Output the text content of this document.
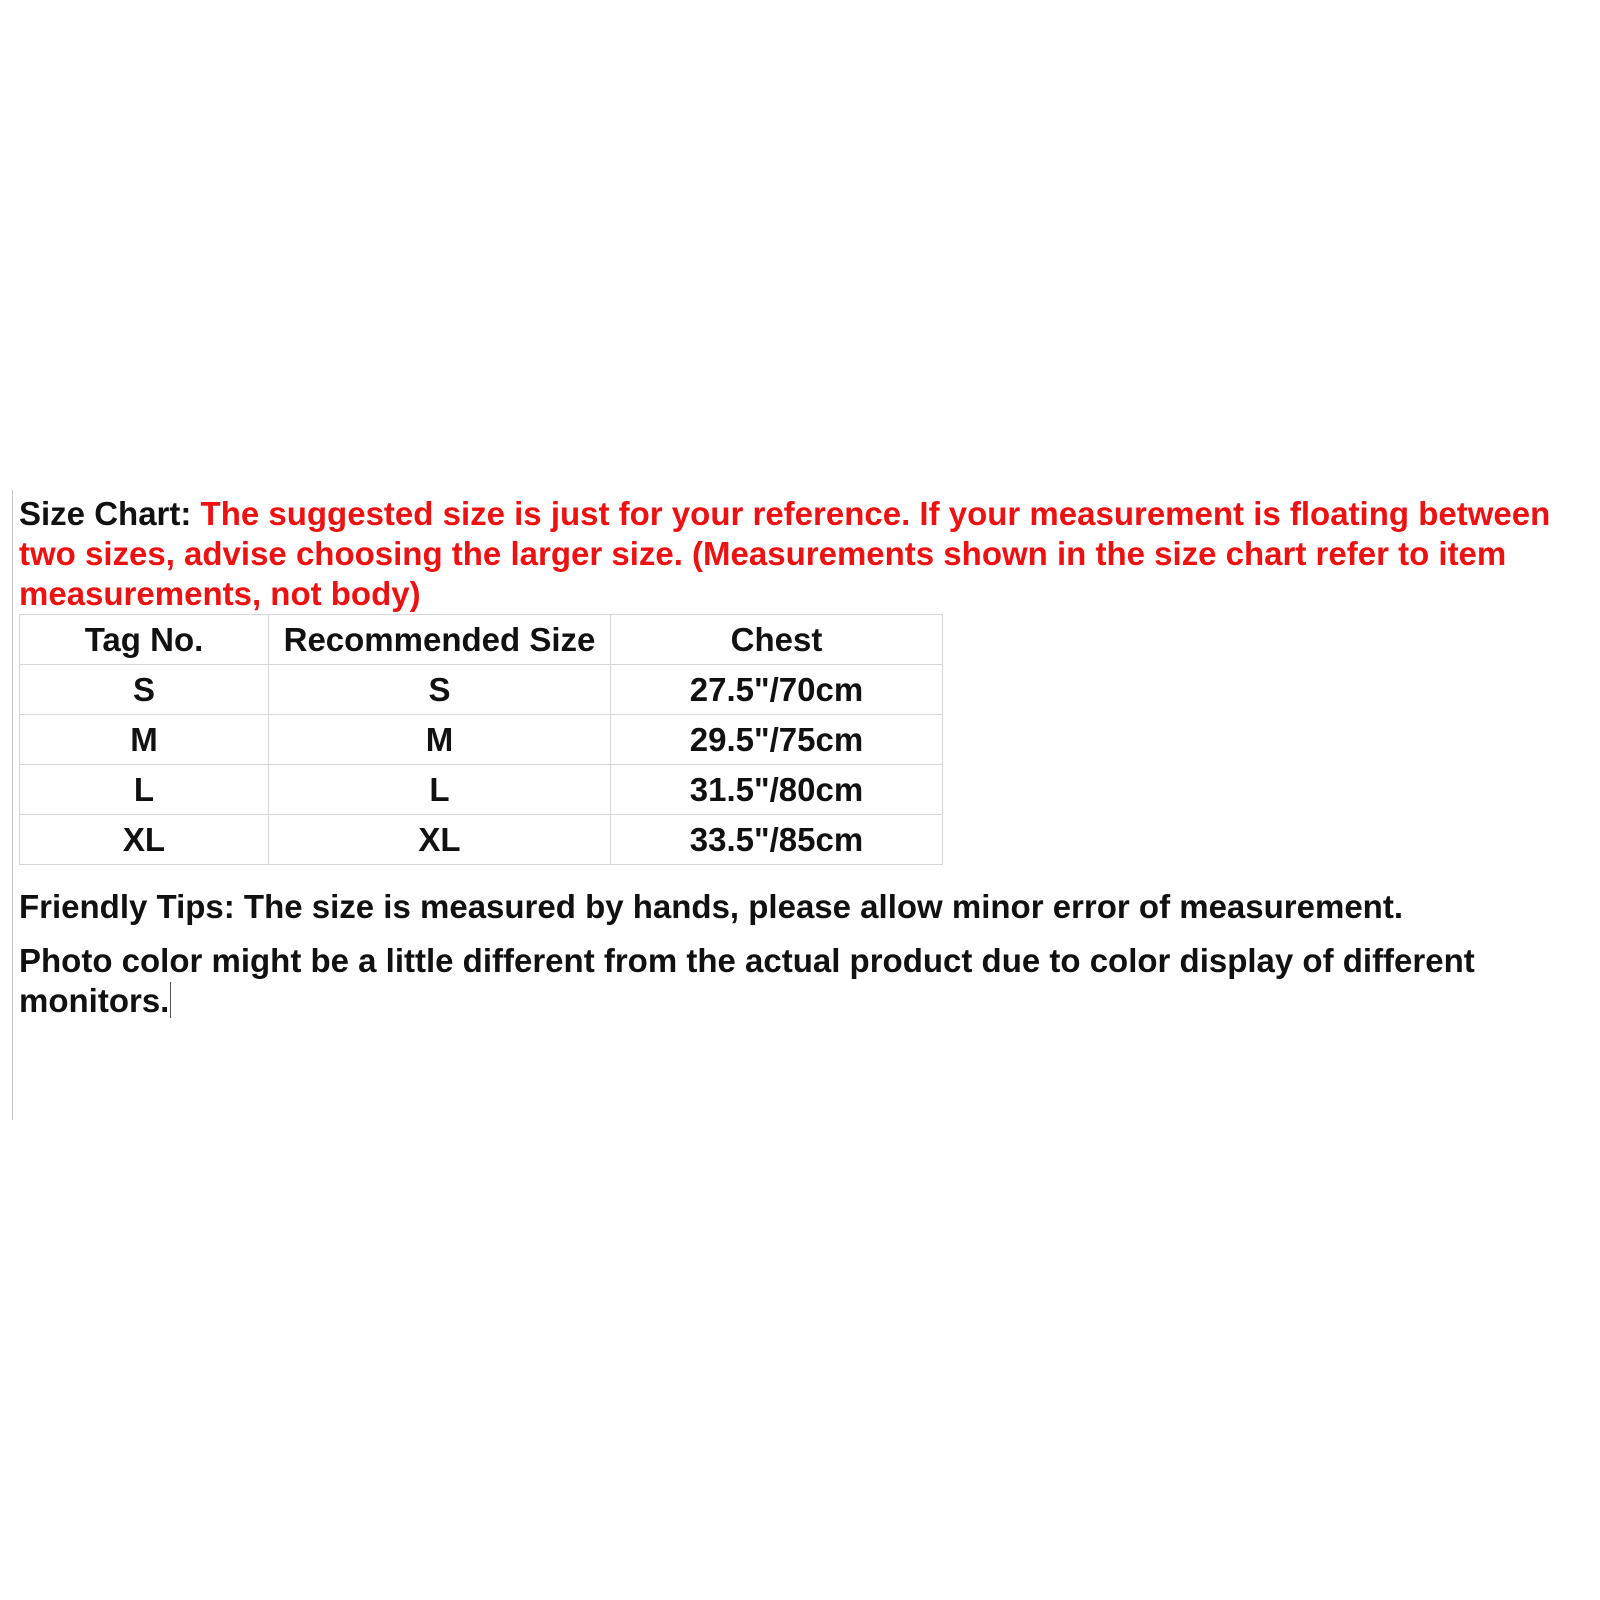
Size Chart: The suggested size is just for your reference. If your measurement is floating between two sizes, advise choosing the larger size. (Measurements shown in the size chart refer to item measurements, not body)

Tag No.	Recommended Size	Chest
S	S	27.5"/70cm
M	M	29.5"/75cm
L	L	31.5"/80cm
XL	XL	33.5"/85cm

Friendly Tips: The size is measured by hands, please allow minor error of measurement.

Photo color might be a little different from the actual product due to color display of different monitors.
